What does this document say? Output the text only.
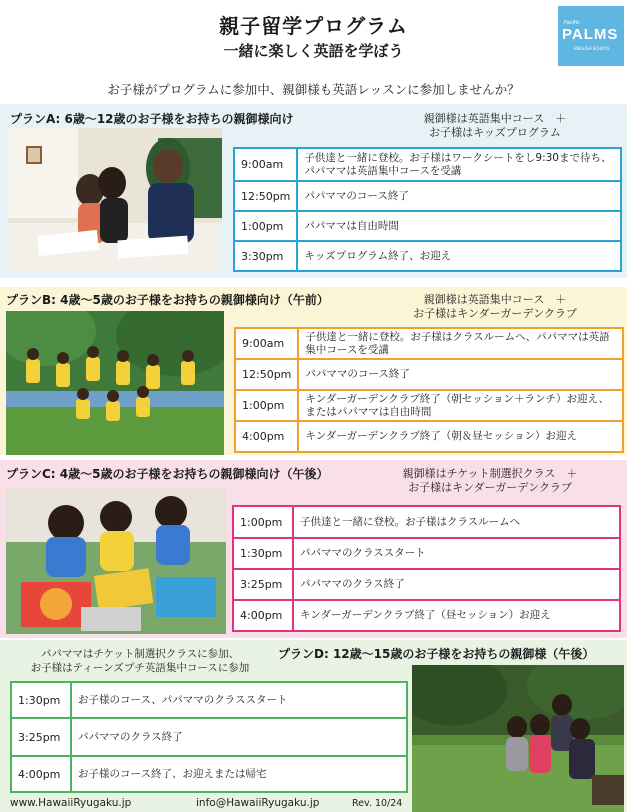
親子留学プログラム
一緒に楽しく英語を学ぼう
Pacific
PALMS
ENGLISH SCHOOL
お子様がプログラムに参加中、親御様も英語レッスンに参加しませんか？
プランA: 6歳〜12歳のお子様をお持ちの親御様向け	親御様は英語集中コース　＋
お子様はキッズプログラム
9:00am	子供達と一緒に登校。お子様はワークシートをし9:30まで待ち、パパママは英語集中コースを受講
12:50pm	パパママのコース終了
1:00pm	パパママは自由時間
3:30pm	キッズプログラム終了、お迎え
プランB: 4歳〜5歳のお子様をお持ちの親御様向け（午前）	親御様は英語集中コース　＋
お子様はキンダーガーデンクラブ
9:00am	子供達と一緒に登校。お子様はクラスルームへ、パパママは英語集中コースを受講
12:50pm	パパママのコース終了
1:00pm	キンダーガーデンクラブ終了（朝セッション＋ランチ）お迎え、またはパパママは自由時間
4:00pm	キンダーガーデンクラブ終了（朝＆昼セッション）お迎え
プランC: 4歳〜5歳のお子様をお持ちの親御様向け（午後）	親御様はチケット制選択クラス　＋
お子様はキンダーガーデンクラブ
1:00pm	子供達と一緒に登校。お子様はクラスルームへ
1:30pm	パパママのクラススタート
3:25pm	パパママのクラス終了
4:00pm	キンダーガーデンクラブ終了（昼セッション）お迎え
プランD: 12歳〜15歳のお子様をお持ちの親御様（午後）
パパママはチケット制選択クラスに参加、
お子様はティーンズプチ英語集中コースに参加
1:30pm	お子様のコース、パパママのクラススタート
3:25pm	パパママのクラス終了
4:00pm	お子様のコース終了、お迎えまたは帰宅
www.HawaiiRyugaku.jp	info@HawaiiRyugaku.jp	Rev. 10/24
